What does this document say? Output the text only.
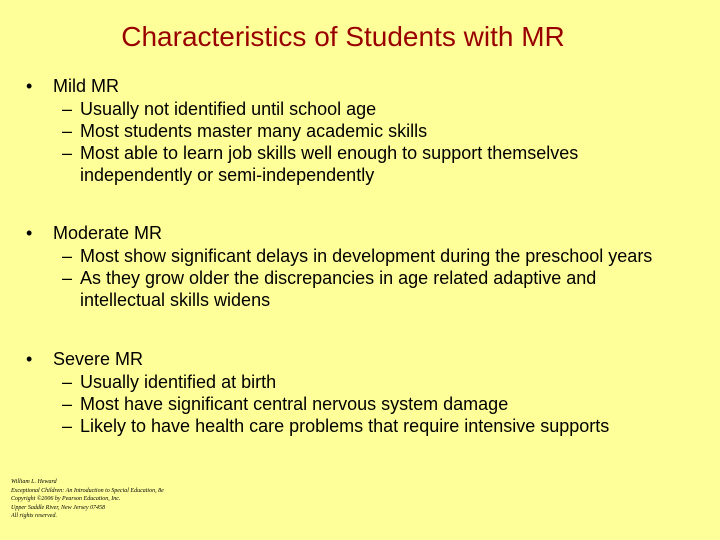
Characteristics of Students with MR
•	Mild MR
– Usually not identified until school age
– Most students master many academic skills
– Most able to learn job skills well enough to support themselves independently or semi-independently
•	Moderate MR
– Most show significant delays in development during the preschool years
– As they grow older the discrepancies in age related adaptive and intellectual skills widens
•	Severe MR
– Usually identified at birth
– Most have significant central nervous system damage
– Likely to have health care problems that require intensive supports
William L. Heward
Exceptional Children: An Introduction to Special Education, 8e
Copyright ©2006 by Pearson Education, Inc.
Upper Saddle River, New Jersey 07458
All rights reserved.
